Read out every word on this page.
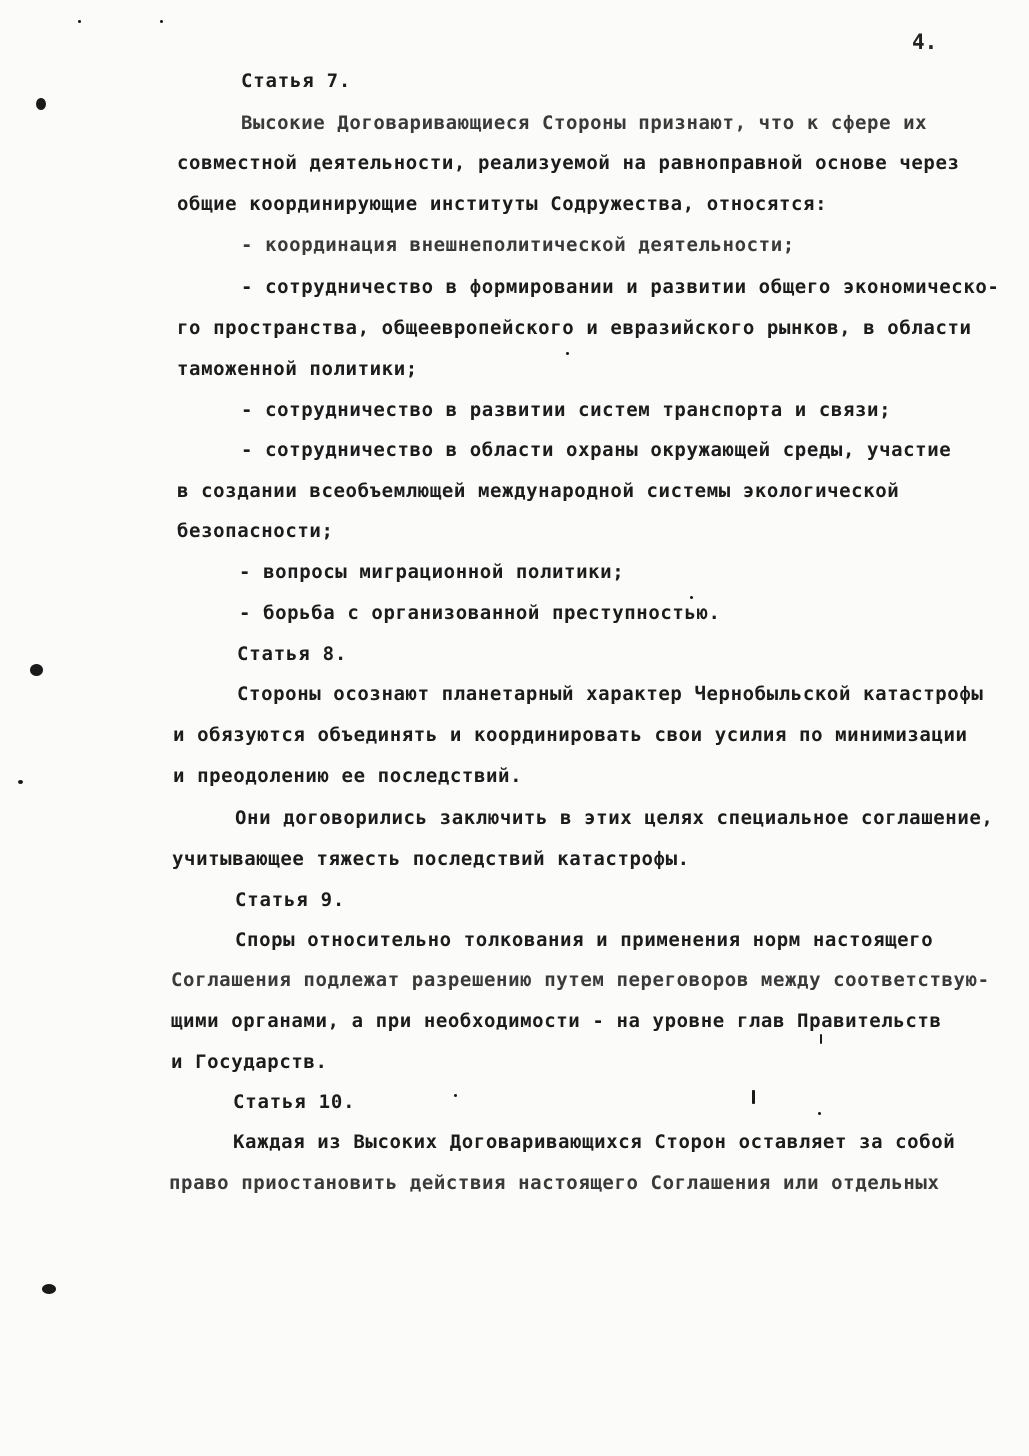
4.
Статья 7.
Высокие Договаривающиеся Стороны признают, что к сфере их
совместной деятельности, реализуемой на равноправной основе через
общие координирующие институты Содружества, относятся:
- координация внешнеполитической деятельности;
- сотрудничество в формировании и развитии общего экономическо-
го пространства, общеевропейского и евразийского рынков, в области
таможенной политики;
- сотрудничество в развитии систем транспорта и связи;
- сотрудничество в области охраны окружающей среды, участие
в создании всеобъемлющей международной системы экологической
безопасности;
- вопросы миграционной политики;
- борьба с организованной преступностью.
Статья 8.
Стороны осознают планетарный характер Чернобыльской катастрофы
и обязуются объединять и координировать свои усилия по минимизации
и преодолению ее последствий.
Они договорились заключить в этих целях специальное соглашение,
учитывающее тяжесть последствий катастрофы.
Статья 9.
Споры относительно толкования и применения норм настоящего
Соглашения подлежат разрешению путем переговоров между соответствую-
щими органами, а при необходимости - на уровне глав Правительств
и Государств.
Статья 10.
Каждая из Высоких Договаривающихся Сторон оставляет за собой
право приостановить действия настоящего Соглашения или отдельных
